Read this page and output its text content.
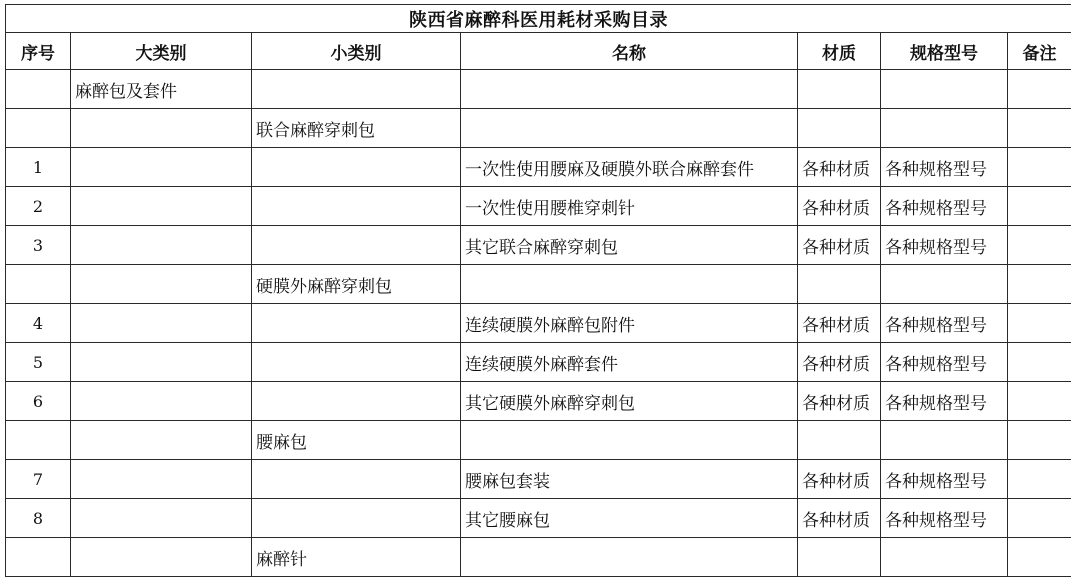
陕西省麻醉科医用耗材采购目录						
序号	大类别	小类别	名称	材质	规格型号	备注
	麻醉包及套件					
		联合麻醉穿刺包				
1			一次性使用腰麻及硬膜外联合麻醉套件	各种材质	各种规格型号	
2			一次性使用腰椎穿刺针	各种材质	各种规格型号	
3			其它联合麻醉穿刺包	各种材质	各种规格型号	
		硬膜外麻醉穿刺包				
4			连续硬膜外麻醉包附件	各种材质	各种规格型号	
5			连续硬膜外麻醉套件	各种材质	各种规格型号	
6			其它硬膜外麻醉穿刺包	各种材质	各种规格型号	
		腰麻包				
7			腰麻包套装	各种材质	各种规格型号	
8			其它腰麻包	各种材质	各种规格型号	
		麻醉针				
